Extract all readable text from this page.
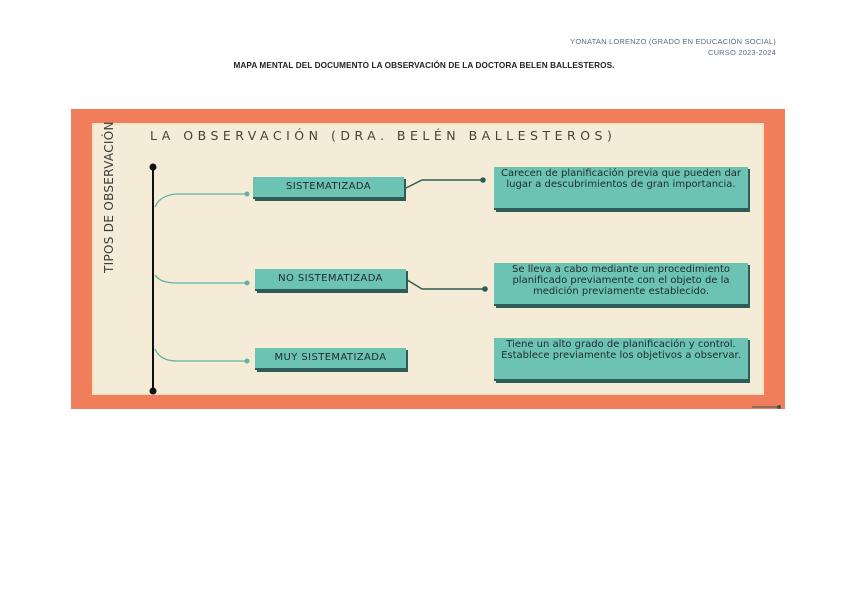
YONATAN LORENZO (GRADO EN EDUCACIÓN SOCIAL)
CURSO 2023-2024
MAPA MENTAL DEL DOCUMENTO LA OBSERVACIÓN DE LA DOCTORA BELEN BALLESTEROS.
LA OBSERVACIÓN (DRA. BELÉN BALLESTEROS)
TIPOS DE OBSERVACIÓN	SISTEMATIZADA
NO SISTEMATIZADA
MUY SISTEMATIZADA
Carecen de planificación previa que pueden dar lugar a descubrimientos de gran importancia.
Se lleva a cabo mediante un procedimiento planificado previamente con el objeto de la medición previamente establecido.
Tiene un alto grado de planificación y control. Establece previamente los objetivos a observar.
